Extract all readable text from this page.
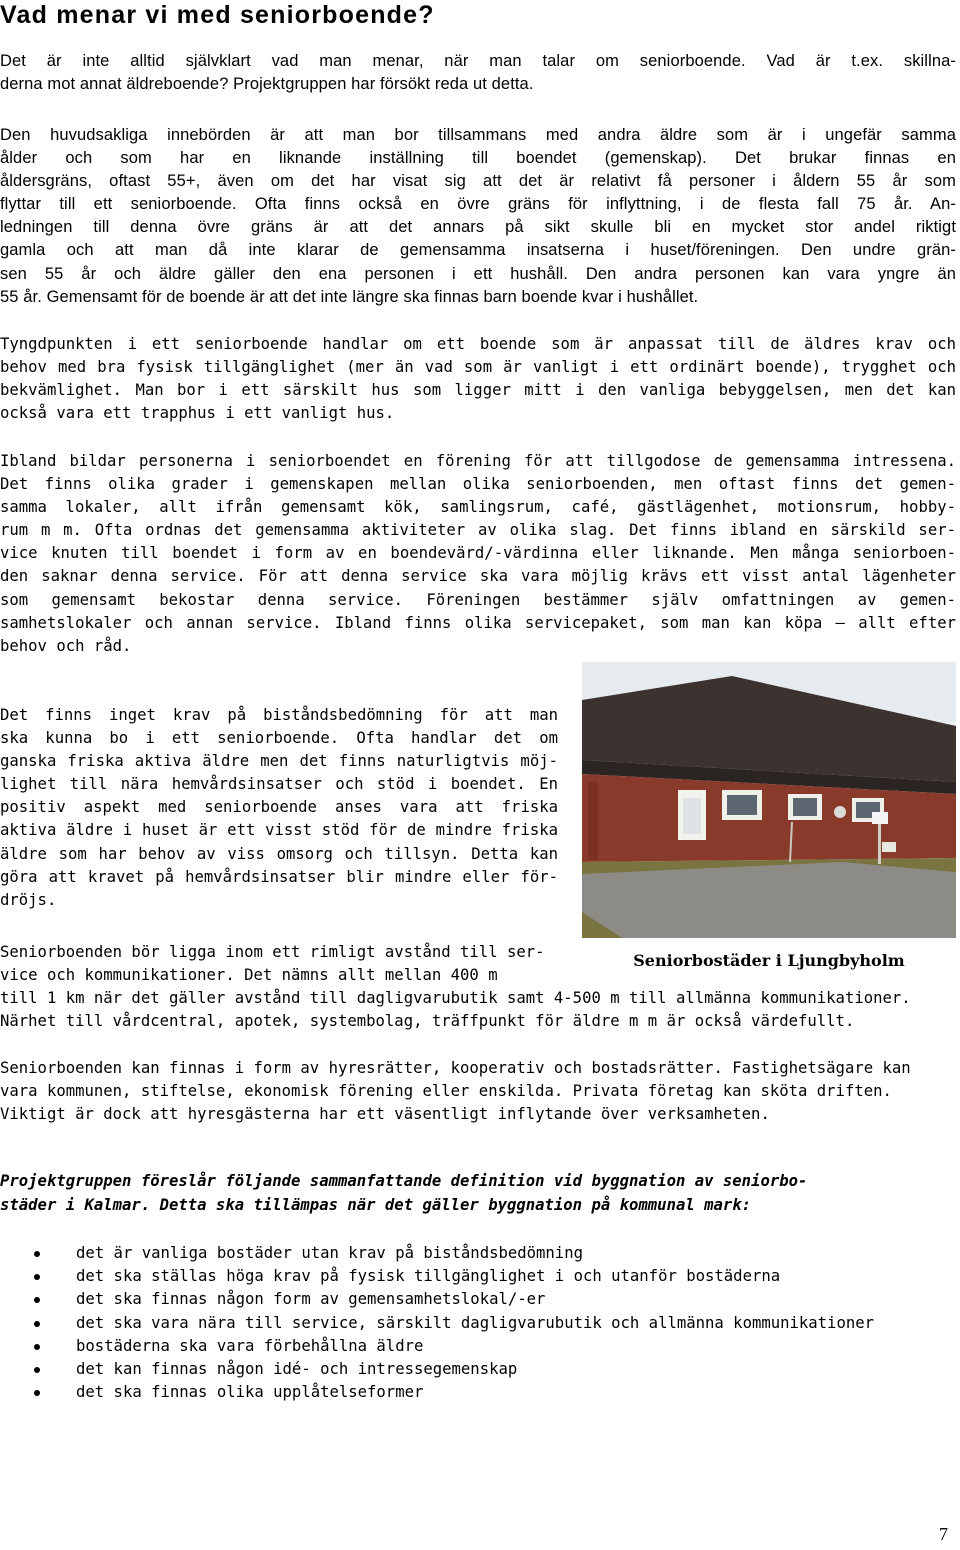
Vad menar vi med seniorboende?
Det är inte alltid självklart vad man menar, när man talar om seniorboende. Vad är t.ex. skillna-
derna mot annat äldreboende? Projektgruppen har försökt reda ut detta.
Den huvudsakliga innebörden är att man bor tillsammans med andra äldre som är i ungefär samma
ålder och som har en liknande inställning till boendet (gemenskap). Det brukar finnas en
åldersgräns, oftast 55+, även om det har visat sig att det är relativt få personer i åldern 55 år som
flyttar till ett seniorboende. Ofta finns också en övre gräns för inflyttning, i de flesta fall 75 år. An-
ledningen till denna övre gräns är att det annars på sikt skulle bli en mycket stor andel riktigt
gamla och att man då inte klarar de gemensamma insatserna i huset/föreningen. Den undre grän-
sen 55 år och äldre gäller den ena personen i ett hushåll. Den andra personen kan vara yngre än
55 år. Gemensamt för de boende är att det inte längre ska finnas barn boende kvar i hushållet.
Tyngdpunkten i ett seniorboende handlar om ett boende som är anpassat till de äldres krav och
behov med bra fysisk tillgänglighet (mer än vad som är vanligt i ett ordinärt boende), trygghet och
bekvämlighet. Man bor i ett särskilt hus som ligger mitt i den vanliga bebyggelsen, men det kan
också vara ett trapphus i ett vanligt hus.
Ibland bildar personerna i seniorboendet en förening för att tillgodose de gemensamma intressena.
Det finns olika grader i gemenskapen mellan olika seniorboenden, men oftast finns det gemen-
samma lokaler, allt ifrån gemensamt kök, samlingsrum, café, gästlägenhet, motionsrum, hobby-
rum m m. Ofta ordnas det gemensamma aktiviteter av olika slag. Det finns ibland en särskild ser-
vice knuten till boendet i form av en boendevärd/-värdinna eller liknande. Men många seniorboen-
den saknar denna service. För att denna service ska vara möjlig krävs ett visst antal lägenheter
som gemensamt bekostar denna service. Föreningen bestämmer själv omfattningen av gemen-
samhetslokaler och annan service. Ibland finns olika servicepaket, som man kan köpa — allt efter
behov och råd.
Det finns inget krav på biståndsbedömning för att man
ska kunna bo i ett seniorboende. Ofta handlar det om
ganska friska aktiva äldre men det finns naturligtvis möj-
lighet till nära hemvårdsinsatser och stöd i boendet. En
positiv aspekt med seniorboende anses vara att friska
aktiva äldre i huset är ett visst stöd för de mindre friska
äldre som har behov av viss omsorg och tillsyn. Detta kan
göra att kravet på hemvårdsinsatser blir mindre eller för-
dröjs.
Seniorboenden bör ligga inom ett rimligt avstånd till ser-
vice och kommunikationer. Det nämns allt mellan 400 m
till 1 km när det gäller avstånd till dagligvarubutik samt 4-500 m till allmänna kommunikationer.
Närhet till vårdcentral, apotek, systembolag, träffpunkt för äldre m m är också värdefullt.
Seniorboenden kan finnas i form av hyresrätter, kooperativ och bostadsrätter. Fastighetsägare kan
vara kommunen, stiftelse, ekonomisk förening eller enskilda. Privata företag kan sköta driften.
Viktigt är dock att hyresgästerna har ett väsentligt inflytande över verksamheten.
Seniorbostäder i Ljungbyholm
Projektgruppen föreslår följande sammanfattande definition vid byggnation av seniorbo-
städer i Kalmar. Detta ska tillämpas när det gäller byggnation på kommunal mark:
det är vanliga bostäder utan krav på biståndsbedömning
det ska ställas höga krav på fysisk tillgänglighet i och utanför bostäderna
det ska finnas någon form av gemensamhetslokal/-er
det ska vara nära till service, särskilt dagligvarubutik och allmänna kommunikationer
bostäderna ska vara förbehållna äldre
det kan finnas någon idé- och intressegemenskap
det ska finnas olika upplåtelseformer
7
